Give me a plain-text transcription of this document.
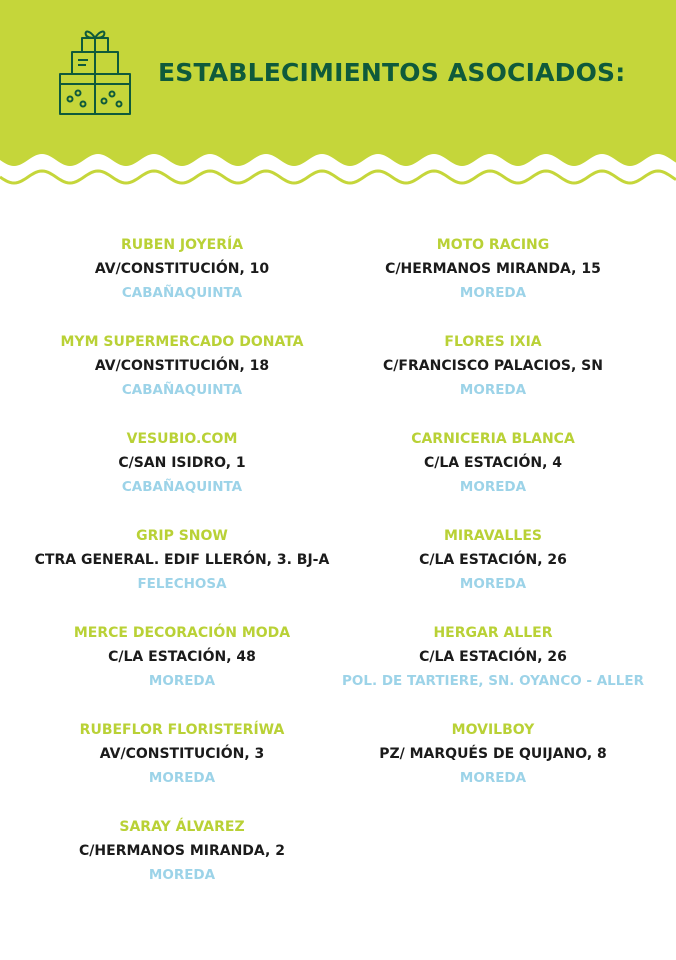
ESTABLECIMIENTOS ASOCIADOS:
RUBEN JOYERÍA
AV/CONSTITUCIÓN, 10
CABAÑAQUINTA
MYM SUPERMERCADO DONATA
AV/CONSTITUCIÓN, 18
CABAÑAQUINTA
VESUBIO.COM
C/SAN ISIDRO, 1
CABAÑAQUINTA
GRIP SNOW
CTRA GENERAL. EDIF LLERÓN, 3. BJ-A
FELECHOSA
MERCE DECORACIÓN MODA
C/LA ESTACIÓN, 48
MOREDA
RUBEFLOR FLORISTERÍWA
AV/CONSTITUCIÓN, 3
MOREDA
SARAY ÁLVAREZ
C/HERMANOS MIRANDA, 2
MOREDA
MOTO RACING
C/HERMANOS MIRANDA, 15
MOREDA
FLORES IXIA
C/FRANCISCO PALACIOS, SN
MOREDA
CARNICERIA BLANCA
C/LA ESTACIÓN, 4
MOREDA
MIRAVALLES
C/LA ESTACIÓN, 26
MOREDA
HERGAR ALLER
C/LA ESTACIÓN, 26
POL. DE TARTIERE, SN. OYANCO - ALLER
MOVILBOY
PZ/ MARQUÉS DE QUIJANO, 8
MOREDA
